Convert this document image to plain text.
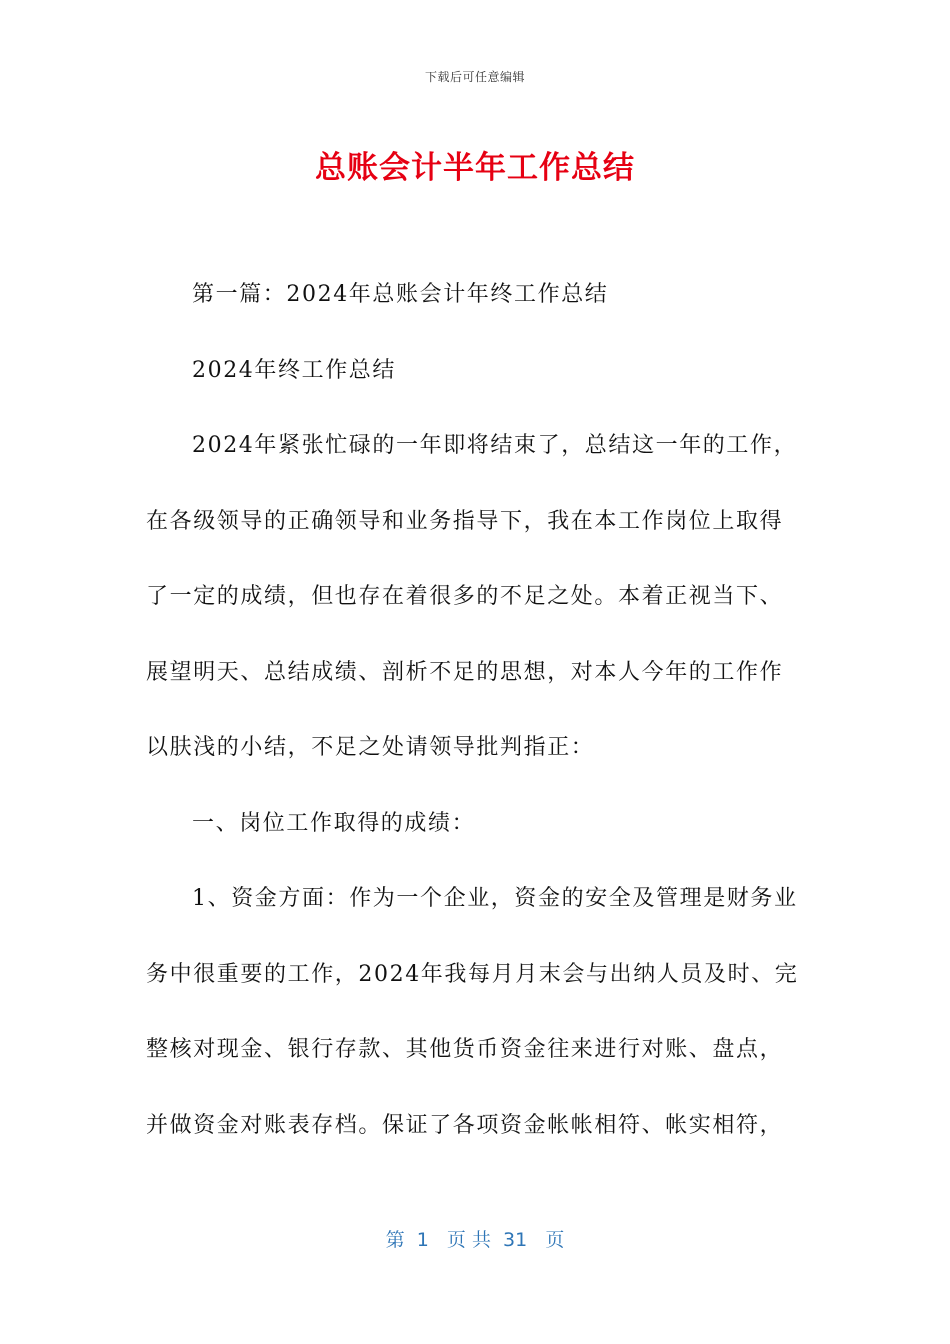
下载后可任意编辑
总账会计半年工作总结
第一篇：2024年总账会计年终工作总结
2024年终工作总结
2024年紧张忙碌的一年即将结束了，总结这一年的工作，
在各级领导的正确领导和业务指导下，我在本工作岗位上取得
了一定的成绩，但也存在着很多的不足之处。本着正视当下、
展望明天、总结成绩、剖析不足的思想，对本人今年的工作作
以肤浅的小结，不足之处请领导批判指正：
一、岗位工作取得的成绩：
1、资金方面：作为一个企业，资金的安全及管理是财务业
务中很重要的工作，2024年我每月月末会与出纳人员及时、完
整核对现金、银行存款、其他货币资金往来进行对账、盘点，
并做资金对账表存档。保证了各项资金帐帐相符、帐实相符，
第  1   页 共  31   页
